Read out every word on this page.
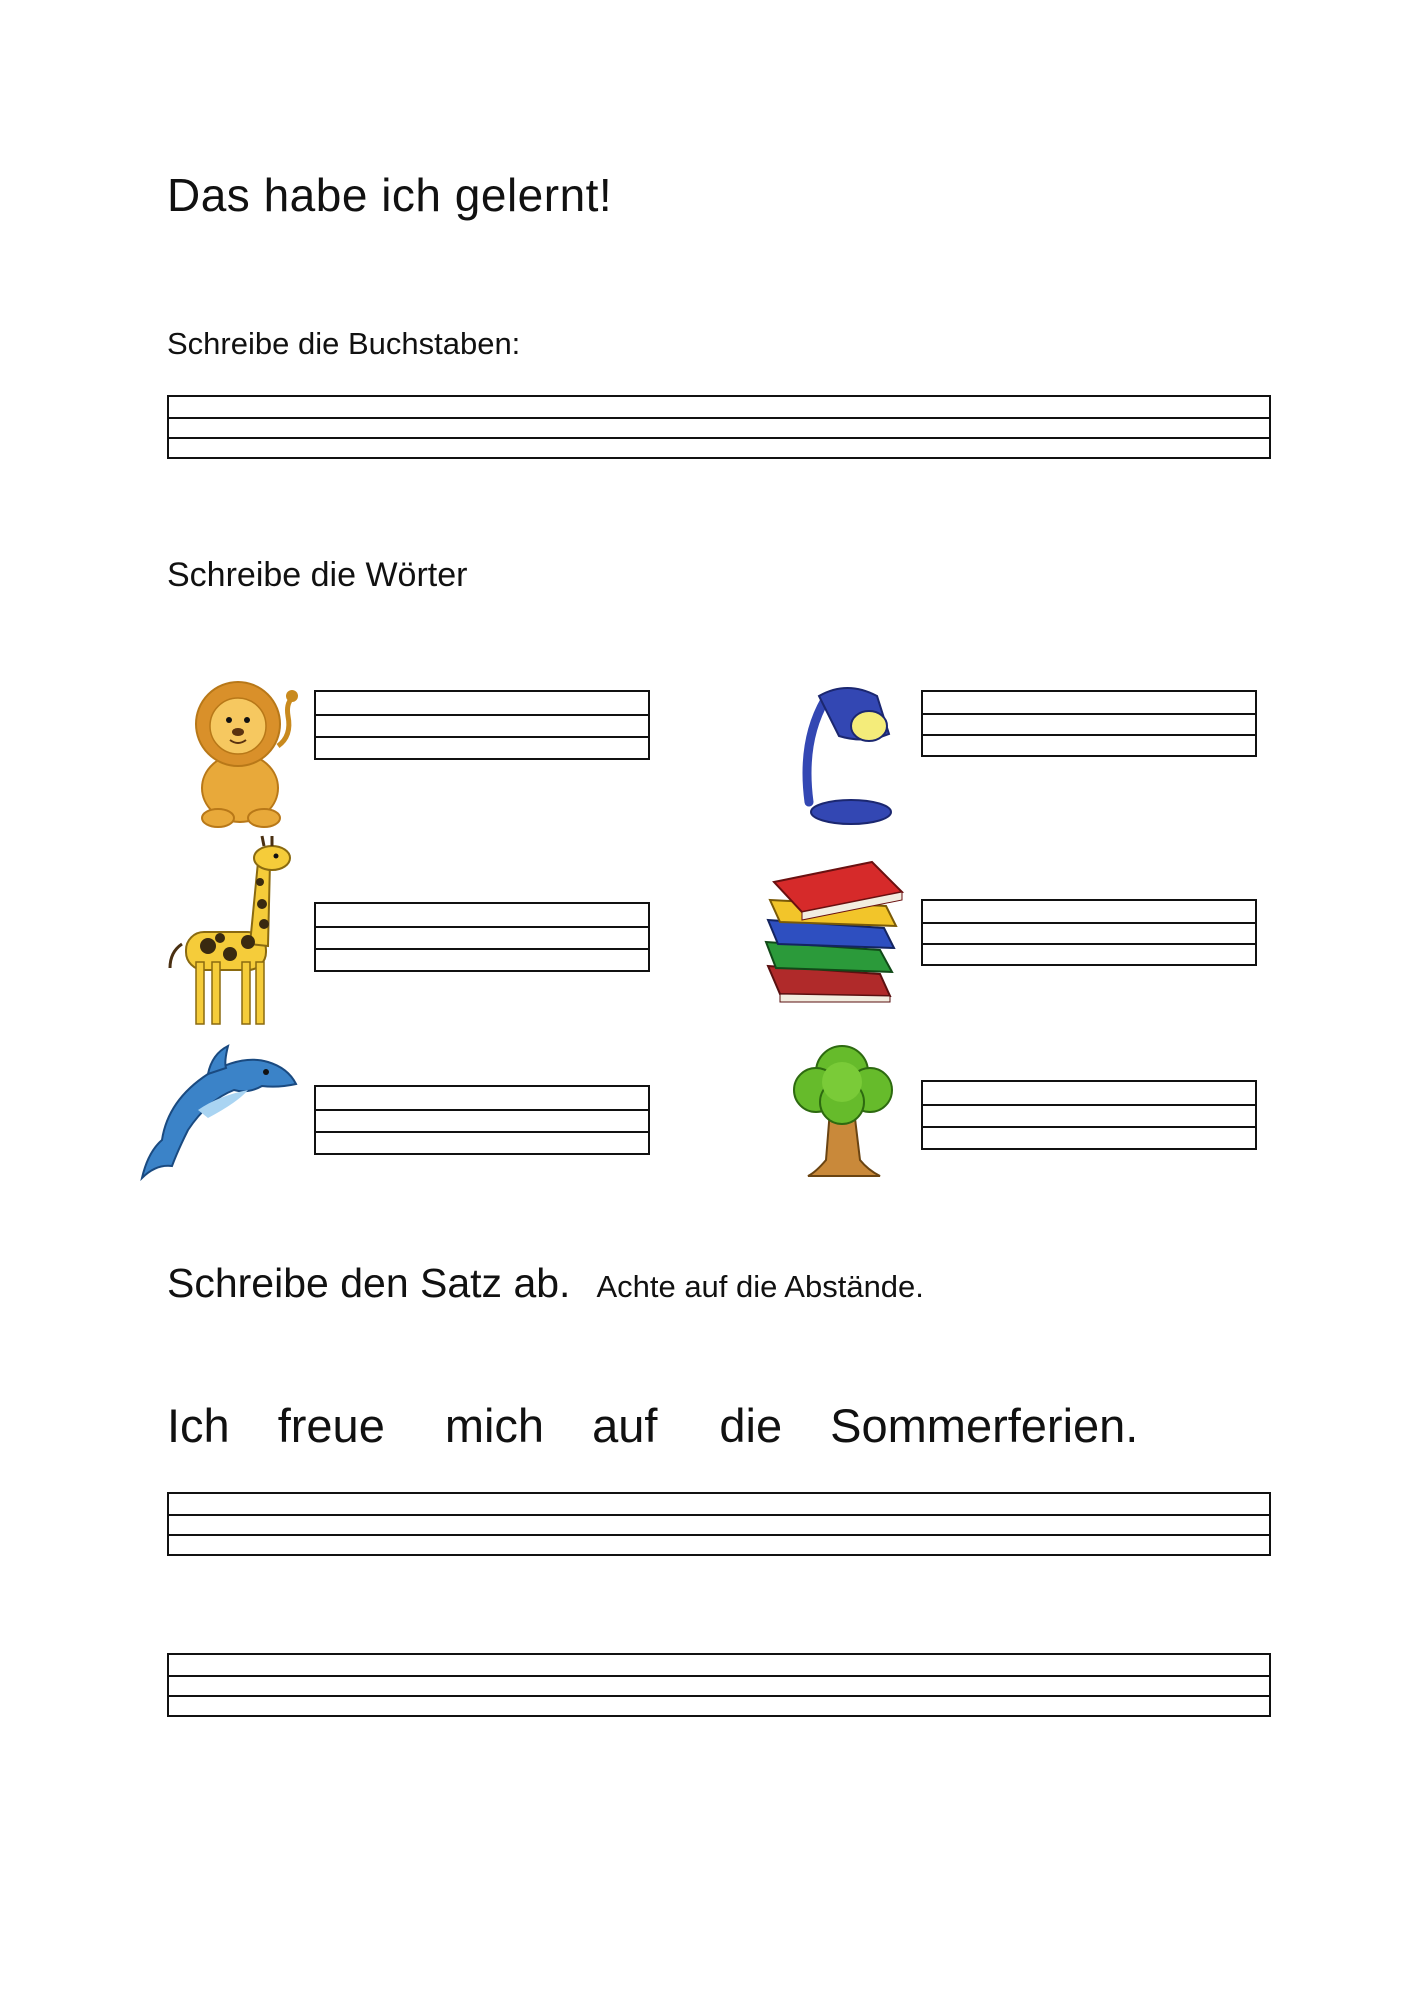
Das habe ich gelernt!
Schreibe die Buchstaben:
Schreibe die Wörter
Schreibe den Satz ab. Achte auf die Abstände.
Ich freue mich auf die Sommerferien.
